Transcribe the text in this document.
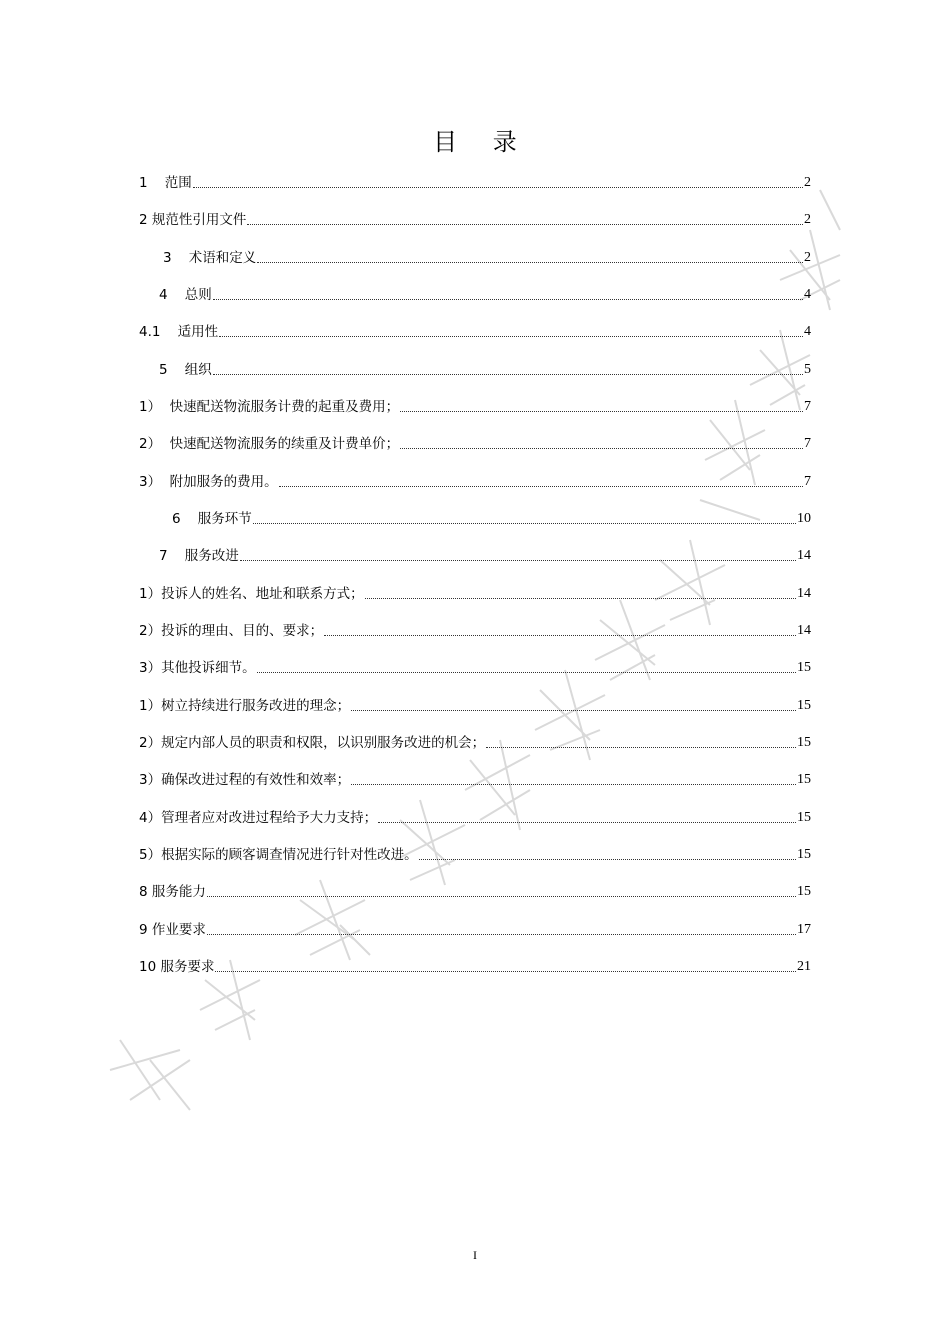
目 录
1    范围	2
2 规范性引用文件	2
3    术语和定义	2
4    总则	4
4.1    适用性	4
5    组织	5
1）  快速配送物流服务计费的起重及费用；	7
2）  快速配送物流服务的续重及计费单价；	7
3）  附加服务的费用。	7
6    服务环节	10
7    服务改进	14
1）投诉人的姓名、地址和联系方式；	14
2）投诉的理由、目的、要求；	14
3）其他投诉细节。	15
1）树立持续进行服务改进的理念；	15
2）规定内部人员的职责和权限，以识别服务改进的机会；	15
3）确保改进过程的有效性和效率；	15
4）管理者应对改进过程给予大力支持；	15
5）根据实际的顾客调查情况进行针对性改进。	15
8 服务能力	15
9 作业要求	17
10 服务要求	21
I
